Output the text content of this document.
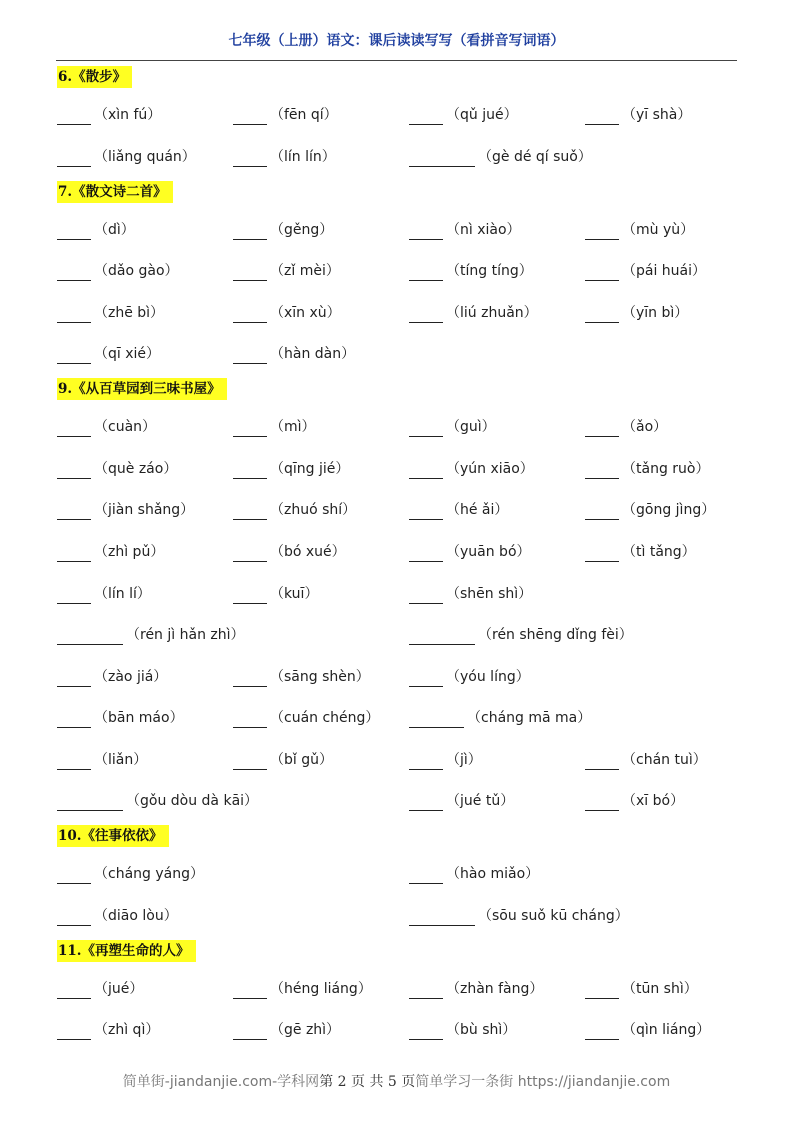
七年级（上册）语文：课后读读写写（看拼音写词语）
6.《散步》
（xìn fú）	（fēn qí）	（qǔ jué）	（yī shà）
（liǎng quán）	（lín lín）	（gè dé qí suǒ）
7.《散文诗二首》
（dì）	（gěng）	（nì xiào）	（mù yù）
（dǎo gào）	（zǐ mèi）	（tíng tíng）	（pái huái）
（zhē bì）	（xīn xù）	（liú zhuǎn）	（yīn bì）
（qī xié）	（hàn dàn）
9.《从百草园到三味书屋》
（cuàn）	（mì）	（guì）	（ǎo）
（què záo）	（qīng jié）	（yún xiāo）	（tǎng ruò）
（jiàn shǎng）	（zhuó shí）	（hé ǎi）	（gōng jìng）
（zhì pǔ）	（bó xué）	（yuān bó）	（tì tǎng）
（lín lí）	（kuī）	（shēn shì）
（rén jì hǎn zhì）	（rén shēng dǐng fèi）
（zào jiá）	（sāng shèn）	（yóu líng）
（bān máo）	（cuán chéng）	（cháng mā ma）
（liǎn）	（bǐ gǔ）	（jì）	（chán tuì）
（gǒu dòu dà kāi）	（jué tǔ）	（xī bó）
10.《往事依依》
（cháng yáng）	（hào miǎo）
（diāo lòu）	（sōu suǒ kū cháng）
11.《再塑生命的人》
（jué）	（héng liáng）	（zhàn fàng）	（tūn shì）
（zhì qì）	（gē zhì）	（bù shì）	（qìn liáng）
简单街-jiandanjie.com-学科网第 2 页 共 5 页简单学习一条街 https://jiandanjie.com
